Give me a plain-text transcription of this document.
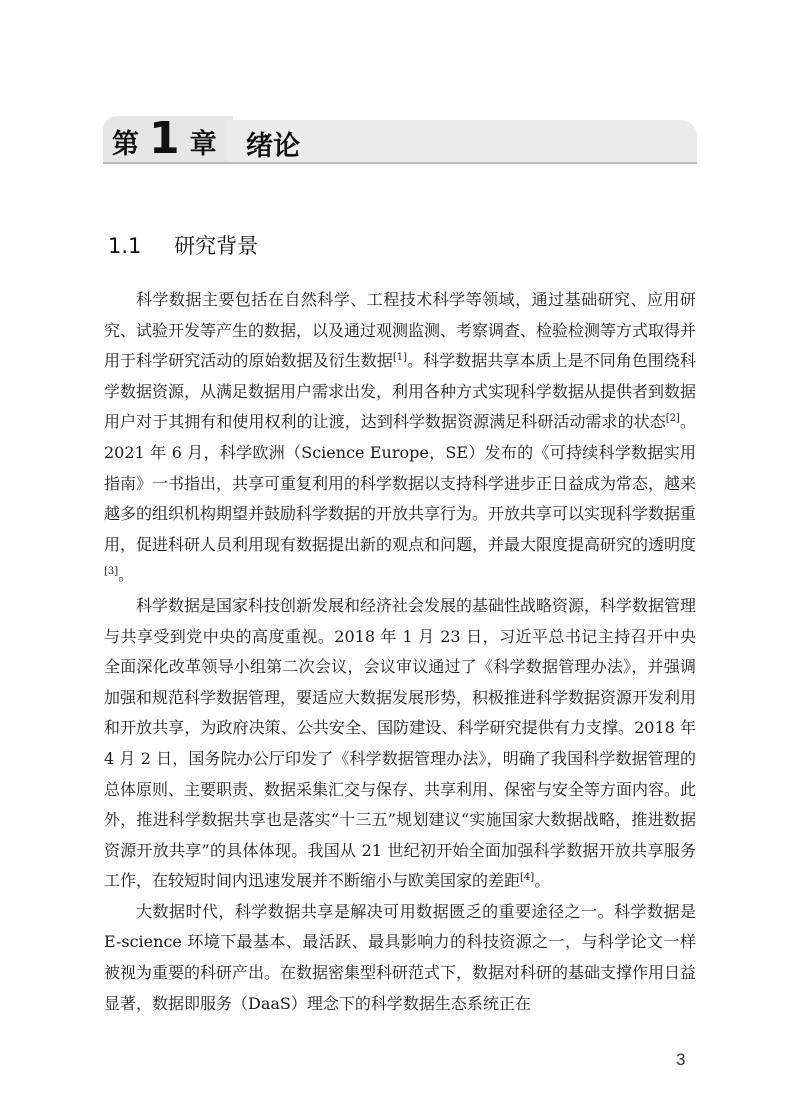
第 1 章 绪论
1.1 研究背景

科学数据主要包括在自然科学、工程技术科学等领域，通过基础研究、应用研究、试验开发等产生的数据，以及通过观测监测、考察调查、检验检测等方式取得并用于科学研究活动的原始数据及衍生数据[1]。科学数据共享本质上是不同角色围绕科学数据资源，从满足数据用户需求出发，利用各种方式实现科学数据从提供者到数据用户对于其拥有和使用权利的让渡，达到科学数据资源满足科研活动需求的状态[2]。2021 年 6 月，科学欧洲（Science Europe，SE）发布的《可持续科学数据实用指南》一书指出，共享可重复利用的科学数据以支持科学进步正日益成为常态，越来越多的组织机构期望并鼓励科学数据的开放共享行为。开放共享可以实现科学数据重用，促进科研人员利用现有数据提出新的观点和问题，并最大限度提高研究的透明度[3]。

科学数据是国家科技创新发展和经济社会发展的基础性战略资源，科学数据管理与共享受到党中央的高度重视。2018 年 1 月 23 日，习近平总书记主持召开中央全面深化改革领导小组第二次会议，会议审议通过了《科学数据管理办法》，并强调加强和规范科学数据管理，要适应大数据发展形势，积极推进科学数据资源开发利用和开放共享，为政府决策、公共安全、国防建设、科学研究提供有力支撑。2018 年 4 月 2 日，国务院办公厅印发了《科学数据管理办法》，明确了我国科学数据管理的总体原则、主要职责、数据采集汇交与保存、共享利用、保密与安全等方面内容。此外，推进科学数据共享也是落实“十三五”规划建议“实施国家大数据战略，推进数据资源开放共享”的具体体现。我国从 21 世纪初开始全面加强科学数据开放共享服务工作，在较短时间内迅速发展并不断缩小与欧美国家的差距[4]。

大数据时代，科学数据共享是解决可用数据匮乏的重要途径之一。科学数据是 E-science 环境下最基本、最活跃、最具影响力的科技资源之一，与科学论文一样被视为重要的科研产出。在数据密集型科研范式下，数据对科研的基础支撑作用日益显著，数据即服务（DaaS）理念下的科学数据生态系统正在

3
